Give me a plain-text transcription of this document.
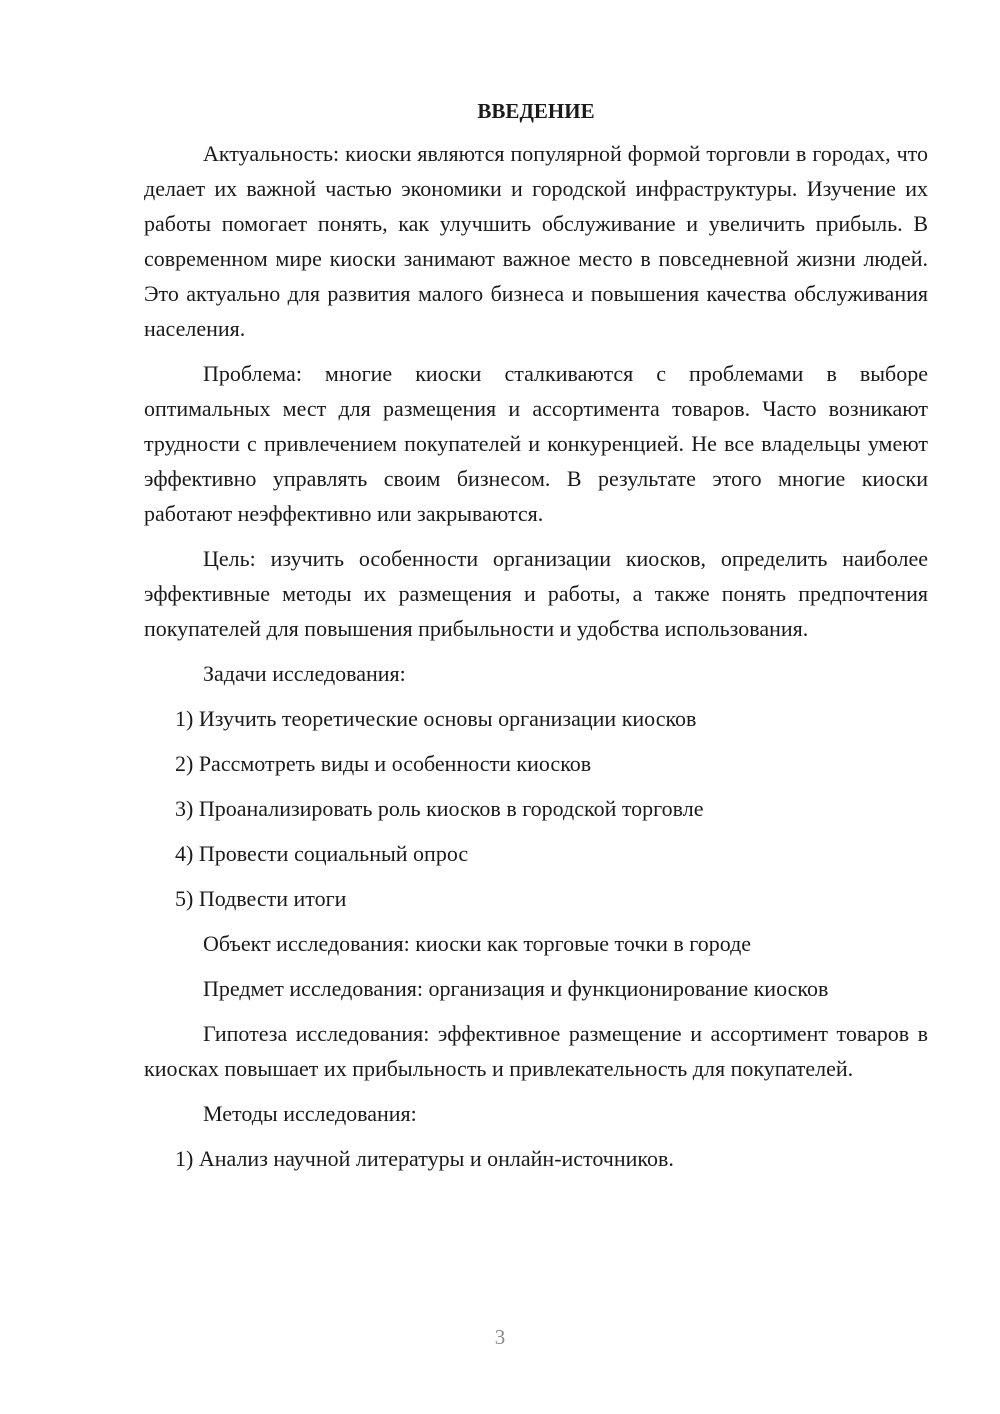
ВВЕДЕНИЕ

Актуальность: киоски являются популярной формой торговли в городах, что делает их важной частью экономики и городской инфраструктуры. Изучение их работы помогает понять, как улучшить обслуживание и увеличить прибыль. В современном мире киоски занимают важное место в повседневной жизни людей. Это актуально для развития малого бизнеса и повышения качества обслуживания населения.

Проблема: многие киоски сталкиваются с проблемами в выборе оптимальных мест для размещения и ассортимента товаров. Часто возникают трудности с привлечением покупателей и конкуренцией. Не все владельцы умеют эффективно управлять своим бизнесом. В результате этого многие киоски работают неэффективно или закрываются.

Цель: изучить особенности организации киосков, определить наиболее эффективные методы их размещения и работы, а также понять предпочтения покупателей для повышения прибыльности и удобства использования.

Задачи исследования:
1) Изучить теоретические основы организации киосков
2) Рассмотреть виды и особенности киосков
3) Проанализировать роль киосков в городской торговле
4) Провести социальный опрос
5) Подвести итоги
Объект исследования: киоски как торговые точки в городе
Предмет исследования: организация и функционирование киосков

Гипотеза исследования: эффективное размещение и ассортимент товаров в киосках повышает их прибыльность и привлекательность для покупателей.

Методы исследования:
1) Анализ научной литературы и онлайн-источников.
3
